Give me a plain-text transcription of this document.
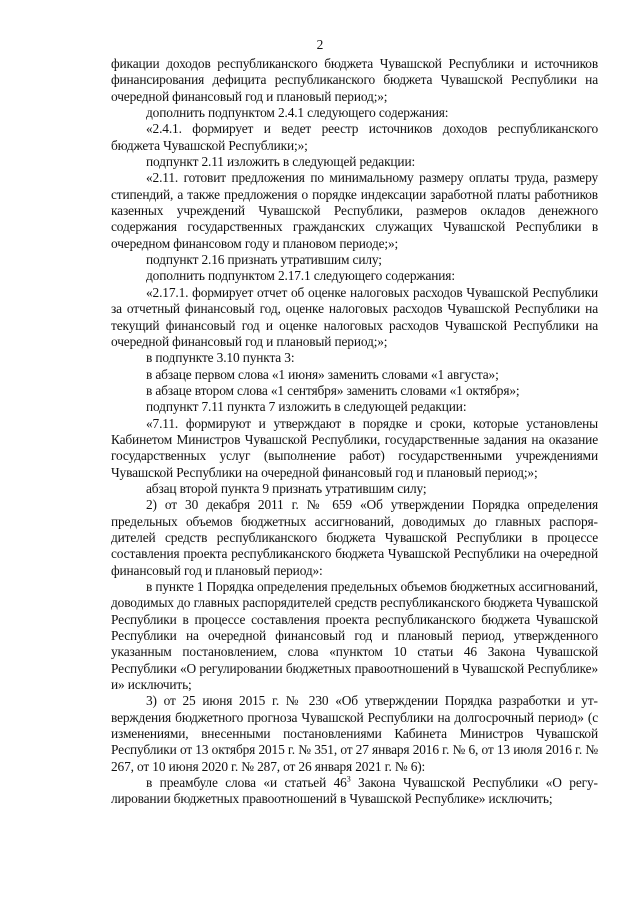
2

фикации доходов республиканского бюджета Чувашской Республики и источников финансирования дефицита республиканского бюджета Чувашской Республики на очередной финансовый год и плановый период;»;

дополнить подпунктом 2.4.1 следующего содержания:

«2.4.1. формирует и ведет реестр источников доходов республиканского бюджета Чувашской Республики;»;

подпункт 2.11 изложить в следующей редакции:

«2.11. готовит предложения по минимальному размеру оплаты труда, размеру стипендий, а также предложения о порядке индексации заработной платы работников казенных учреждений Чувашской Республики, размеров окладов денежного содержания государственных гражданских служащих Чувашской Республики в очередном финансовом году и плановом периоде;»;

подпункт 2.16 признать утратившим силу;

дополнить подпунктом 2.17.1 следующего содержания:

«2.17.1. формирует отчет об оценке налоговых расходов Чувашской Республики за отчетный финансовый год, оценке налоговых расходов Чувашской Республики на текущий финансовый год и оценке налоговых расходов Чувашской Республики на очередной финансовый год и плановый период;»;

в подпункте 3.10 пункта 3:

в абзаце первом слова «1 июня» заменить словами «1 августа»;

в абзаце втором слова «1 сентября» заменить словами «1 октября»;

подпункт 7.11 пункта 7 изложить в следующей редакции:

«7.11. формируют и утверждают в порядке и сроки, которые установлены Кабинетом Министров Чувашской Республики, государственные задания на оказание государственных услуг (выполнение работ) государственными учреждениями Чувашской Республики на очередной финансовый год и плановый период;»;

абзац второй пункта 9 признать утратившим силу;

2) от 30 декабря 2011 г. № 659 «Об утверждении Порядка определения предельных объемов бюджетных ассигнований, доводимых до главных распорядителей средств республиканского бюджета Чувашской Республики в процессе составления проекта республиканского бюджета Чувашской Республики на очередной финансовый год и плановый период»:

в пункте 1 Порядка определения предельных объемов бюджетных ассигнований, доводимых до главных распорядителей средств республиканского бюджета Чувашской Республики в процессе составления проекта республиканского бюджета Чувашской Республики на очередной финансовый год и плановый период, утвержденного указанным постановлением, слова «пунктом 10 статьи 46 Закона Чувашской Республики «О регулировании бюджетных правоотношений в Чувашской Республике» и» исключить;

3) от 25 июня 2015 г. № 230 «Об утверждении Порядка разработки и утверждения бюджетного прогноза Чувашской Республики на долгосрочный период» (с изменениями, внесенными постановлениями Кабинета Министров Чувашской Республики от 13 октября 2015 г. № 351, от 27 января 2016 г. № 6, от 13 июля 2016 г. № 267, от 10 июня 2020 г. № 287, от 26 января 2021 г. № 6):

в преамбуле слова «и статьей $46^3$ Закона Чувашской Республики «О регулировании бюджетных правоотношений в Чувашской Республике» исключить;
